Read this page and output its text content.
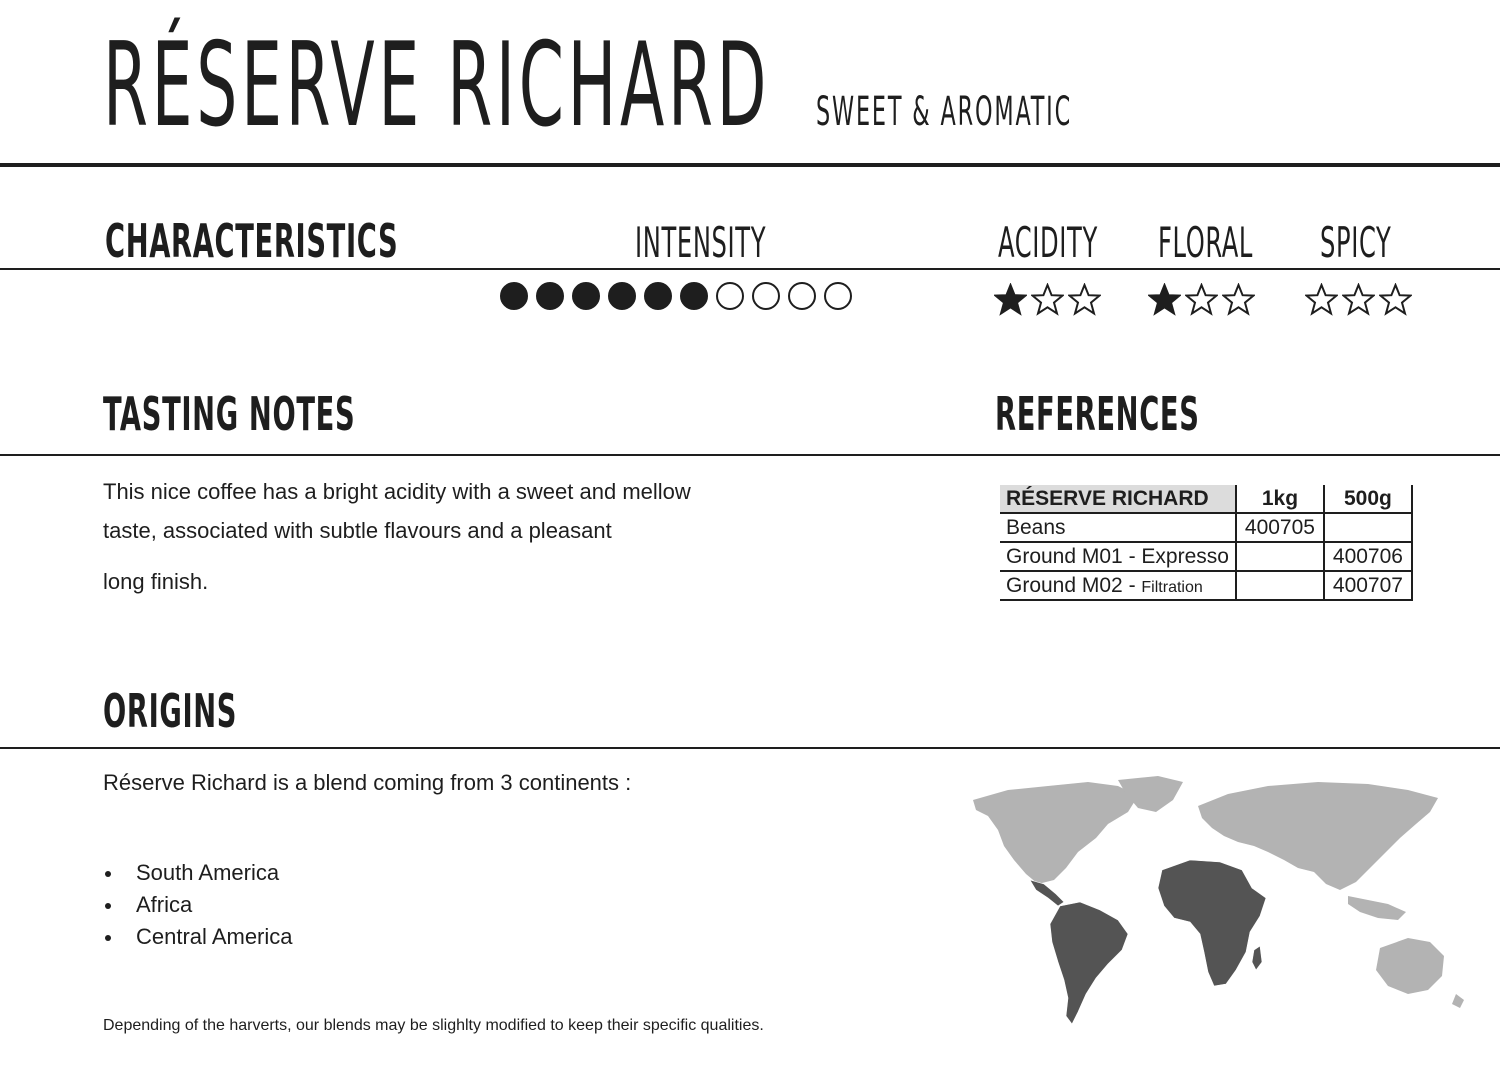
RÉSERVE RICHARD	SWEET & AROMATIC
CHARACTERISTICS	INTENSITY	ACIDITY	FLORAL	SPICY
TASTING NOTES	REFERENCES
This nice coffee has a bright acidity with a sweet and mellow
taste, associated with subtle flavours and a pleasant
long finish.
RÉSERVE RICHARD	1kg	500g
Beans	400705	
Ground M01 - Expresso		400706
Ground M02 - Filtration		400707
ORIGINS
Réserve Richard is a blend coming from 3 continents :
South America
Africa
Central America
Depending of the harverts, our blends may be slighlty modified to keep their specific qualities.
